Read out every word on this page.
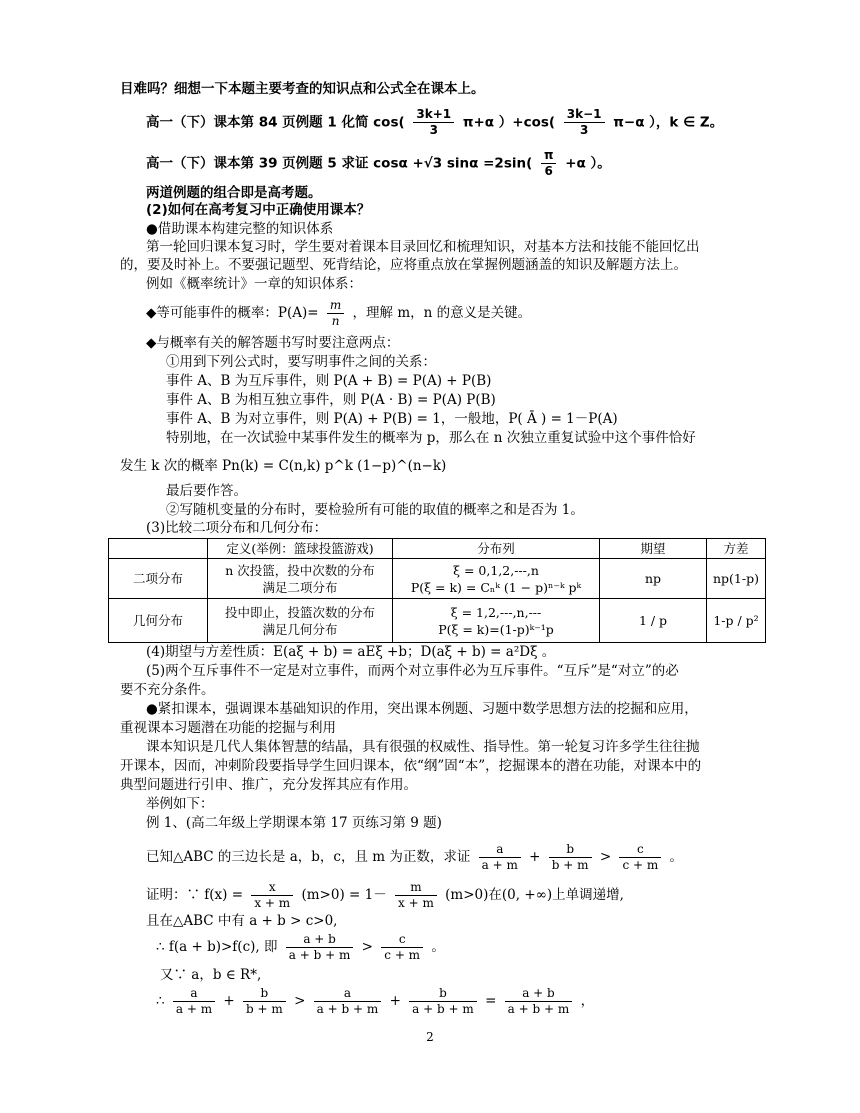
目难吗？细想一下本题主要考查的知识点和公式全在课本上。
高一（下）课本第 84 页例题 1 化简 $\cos( \frac{3k+1}{3} \pi+\alpha$ ）$+\cos( \frac{3k-1}{3} \pi-\alpha$ ），k ∈ Z。
高一（下）课本第 39 页例题 5 求证 cosα +√3 $\sin\alpha =2\sin( \frac{\pi}{6} +\alpha$ ）。
两道例题的组合即是高考题。
(2)如何在高考复习中正确使用课本？
●借助课本构建完整的知识体系
第一轮回归课本复习时，学生要对着课本目录回忆和梳理知识，对基本方法和技能不能回忆出
的，要及时补上。不要强记题型、死背结论，应将重点放在掌握例题涵盖的知识及解题方法上。
例如《概率统计》一章的知识体系：
◆等可能事件的概率：$P(A)= \frac{m}{n}$ ，理解 m，n 的意义是关键。
◆与概率有关的解答题书写时要注意两点：
①用到下列公式时，要写明事件之间的关系：
事件 A、B 为互斥事件，则 P(A + B) = P(A) + P(B)
事件 A、B 为相互独立事件，则 P(A · B) = P(A) P(B)
事件 A、B 为对立事件，则 P(A) + P(B) = 1，一般地，P( Ā ) = 1－P(A)
特别地，在一次试验中某事件发生的概率为 p，那么在 n 次独立重复试验中这个事件恰好
发生 k 次的概率 Pn(k) = C(n,k) p^k (1−p)^(n−k)
最后要作答。
②写随机变量的分布时，要检验所有可能的取值的概率之和是否为 1。
(3)比较二项分布和几何分布：
	定义(举例：篮球投篮游戏)	分布列	期望	方差
二项分布	n 次投篮，投中次数的分布
满足二项分布	ξ = 0,1,2,---,n
P(ξ = k) = Cₙᵏ (1 − p)ⁿ⁻ᵏ pᵏ	np	np(1-p)
几何分布	投中即止，投篮次数的分布
满足几何分布	ξ = 1,2,---,n,---
P(ξ = k)=(1-p)ᵏ⁻¹p	1 / p	1-p / p²
(4)期望与方差性质：E(aξ + b) = aEξ +b；D(aξ + b) = a²Dξ 。
(5)两个互斥事件不一定是对立事件，而两个对立事件必为互斥事件。“互斥”是“对立”的必
要不充分条件。
●紧扣课本，强调课本基础知识的作用，突出课本例题、习题中数学思想方法的挖掘和应用，
重视课本习题潜在功能的挖掘与利用
课本知识是几代人集体智慧的结晶，具有很强的权威性、指导性。第一轮复习许多学生往往抛
开课本，因而，冲刺阶段要指导学生回归课本，依“纲”固“本”，挖掘课本的潜在功能，对课本中的
典型问题进行引申、推广，充分发挥其应有作用。
举例如下：
例 1、(高二年级上学期课本第 17 页练习第 9 题)
已知△ABC 的三边长是 a，b，c，且 m 为正数，求证 $\frac{a}{a + m} + \frac{b}{b + m} > \frac{c}{c + m}$ 。
证明：∵ $f(x) = \frac{x}{x + m} (m>0) = 1- \frac{m}{x + m} (m>0)$在(0, +∞)上单调递增,
且在△ABC 中有 a + b > c>0,
∴ f(a + b)>f(c), 即 $\frac{a + b}{a + b + m} > \frac{c}{c + m}$ 。
又∵ a，b ∈ R*,
∴ $\frac{a}{a + m} + \frac{b}{b + m} > \frac{a}{a + b + m} + \frac{b}{a + b + m} = \frac{a + b}{a + b + m}$ ，
2
